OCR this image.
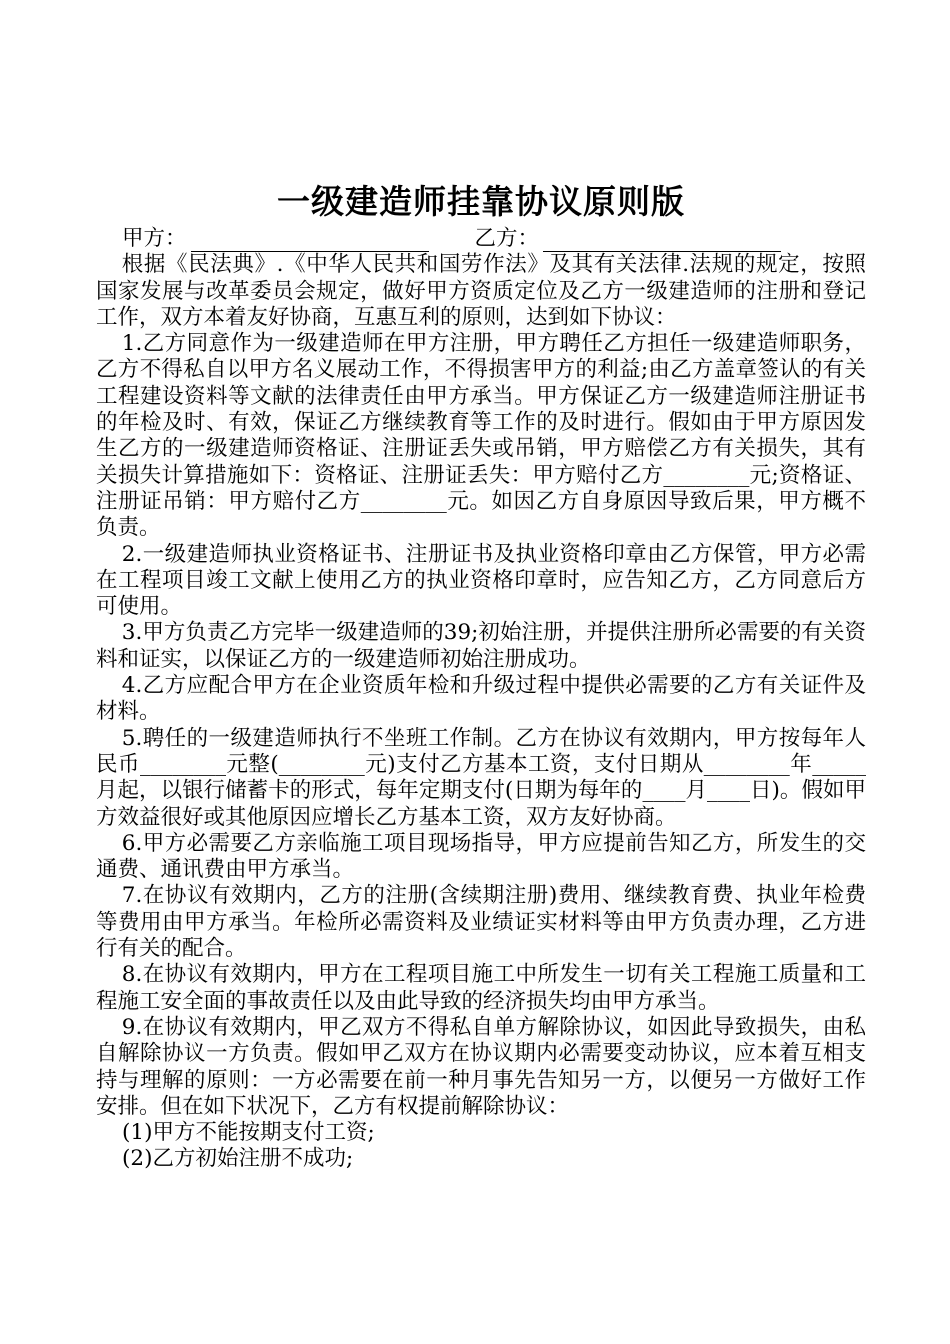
一级建造师挂靠协议原则版
甲方：	乙方：

根据《民法典》.《中华人民共和国劳作法》及其有关法律.法规的规定，按照国家发展与改革委员会规定，做好甲方资质定位及乙方一级建造师的注册和登记工作，双方本着友好协商，互惠互利的原则，达到如下协议：

1.乙方同意作为一级建造师在甲方注册，甲方聘任乙方担任一级建造师职务，乙方不得私自以甲方名义展动工作，不得损害甲方的利益;由乙方盖章签认的有关工程建设资料等文献的法律责任由甲方承当。甲方保证乙方一级建造师注册证书的年检及时、有效，保证乙方继续教育等工作的及时进行。假如由于甲方原因发生乙方的一级建造师资格证、注册证丢失或吊销，甲方赔偿乙方有关损失，其有关损失计算措施如下：资格证、注册证丢失：甲方赔付乙方________元;资格证、注册证吊销：甲方赔付乙方________元。如因乙方自身原因导致后果，甲方概不负责。

2.一级建造师执业资格证书、注册证书及执业资格印章由乙方保管，甲方必需在工程项目竣工文献上使用乙方的执业资格印章时，应告知乙方，乙方同意后方可使用。

3.甲方负责乙方完毕一级建造师的39;初始注册，并提供注册所必需要的有关资料和证实，以保证乙方的一级建造师初始注册成功。

4.乙方应配合甲方在企业资质年检和升级过程中提供必需要的乙方有关证件及材料。

5.聘任的一级建造师执行不坐班工作制。乙方在协议有效期内，甲方按每年人民币________元整(________元)支付乙方基本工资，支付日期从________年_____月起，以银行储蓄卡的形式，每年定期支付(日期为每年的____月____日)。假如甲方效益很好或其他原因应增长乙方基本工资，双方友好协商。

6.甲方必需要乙方亲临施工项目现场指导，甲方应提前告知乙方，所发生的交通费、通讯费由甲方承当。

7.在协议有效期内，乙方的注册(含续期注册)费用、继续教育费、执业年检费等费用由甲方承当。年检所必需资料及业绩证实材料等由甲方负责办理，乙方进行有关的配合。

8.在协议有效期内，甲方在工程项目施工中所发生一切有关工程施工质量和工程施工安全面的事故责任以及由此导致的经济损失均由甲方承当。

9.在协议有效期内，甲乙双方不得私自单方解除协议，如因此导致损失，由私自解除协议一方负责。假如甲乙双方在协议期内必需要变动协议，应本着互相支持与理解的原则：一方必需要在前一种月事先告知另一方，以便另一方做好工作安排。但在如下状况下，乙方有权提前解除协议：

(1)甲方不能按期支付工资;

(2)乙方初始注册不成功;
